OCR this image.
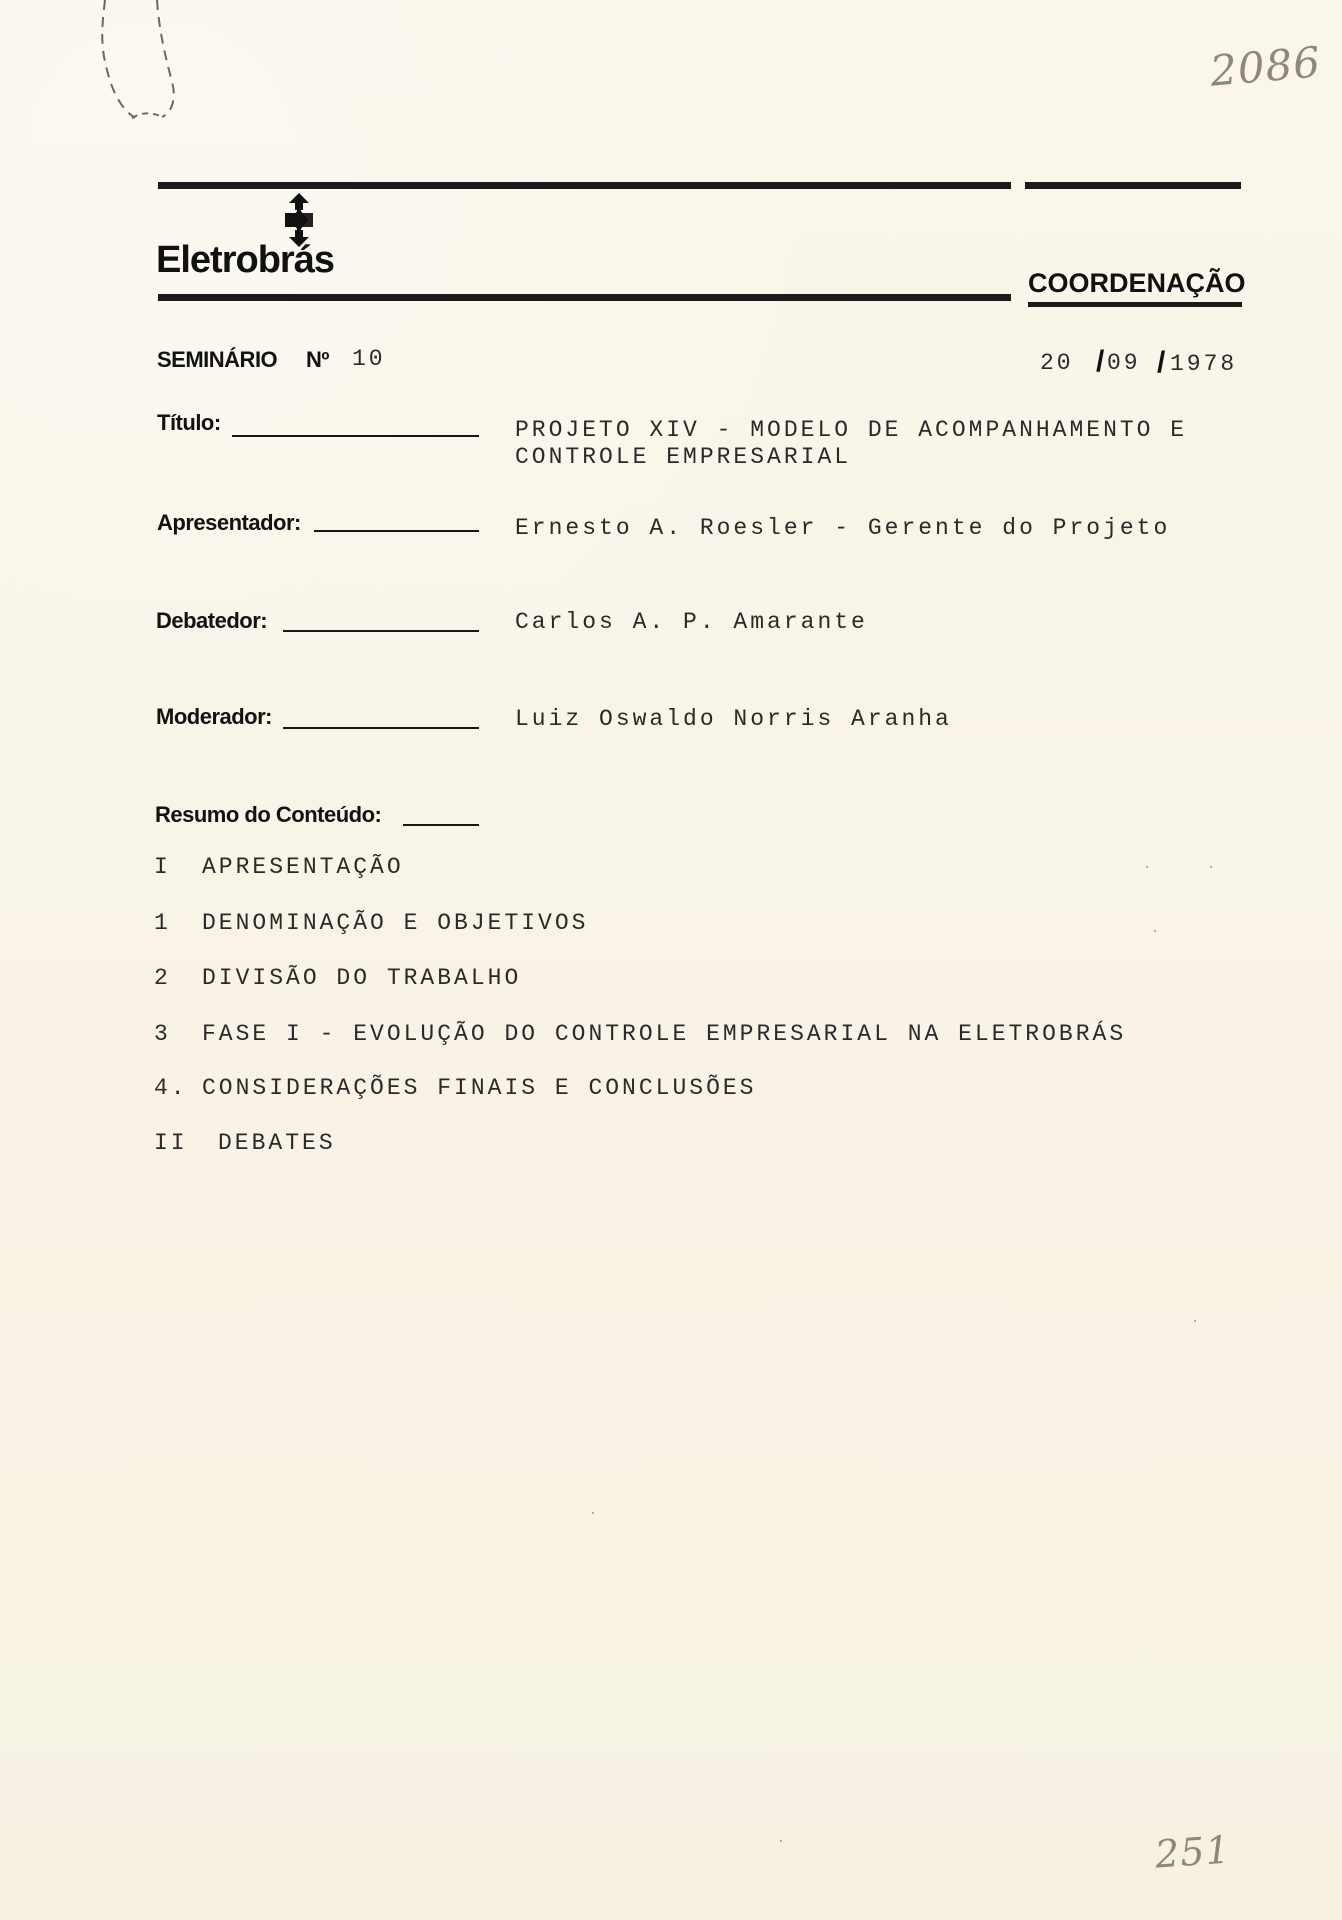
2086
Eletrobrás
COORDENAÇÃO
SEMINÁRIO Nº 10	20 / 09 / 1978
Título:	PROJETO XIV - MODELO DE ACOMPANHAMENTO E
CONTROLE EMPRESARIAL
Apresentador:	Ernesto A. Roesler - Gerente do Projeto
Debatedor:	Carlos A. P. Amarante
Moderador:	Luiz Oswaldo Norris Aranha
Resumo do Conteúdo:
I APRESENTAÇÃO
1 DENOMINAÇÃO E OBJETIVOS
2 DIVISÃO DO TRABALHO
3 FASE I - EVOLUÇÃO DO CONTROLE EMPRESARIAL NA ELETROBRÁS
4. CONSIDERAÇÕES FINAIS E CONCLUSÕES
II DEBATES
251
